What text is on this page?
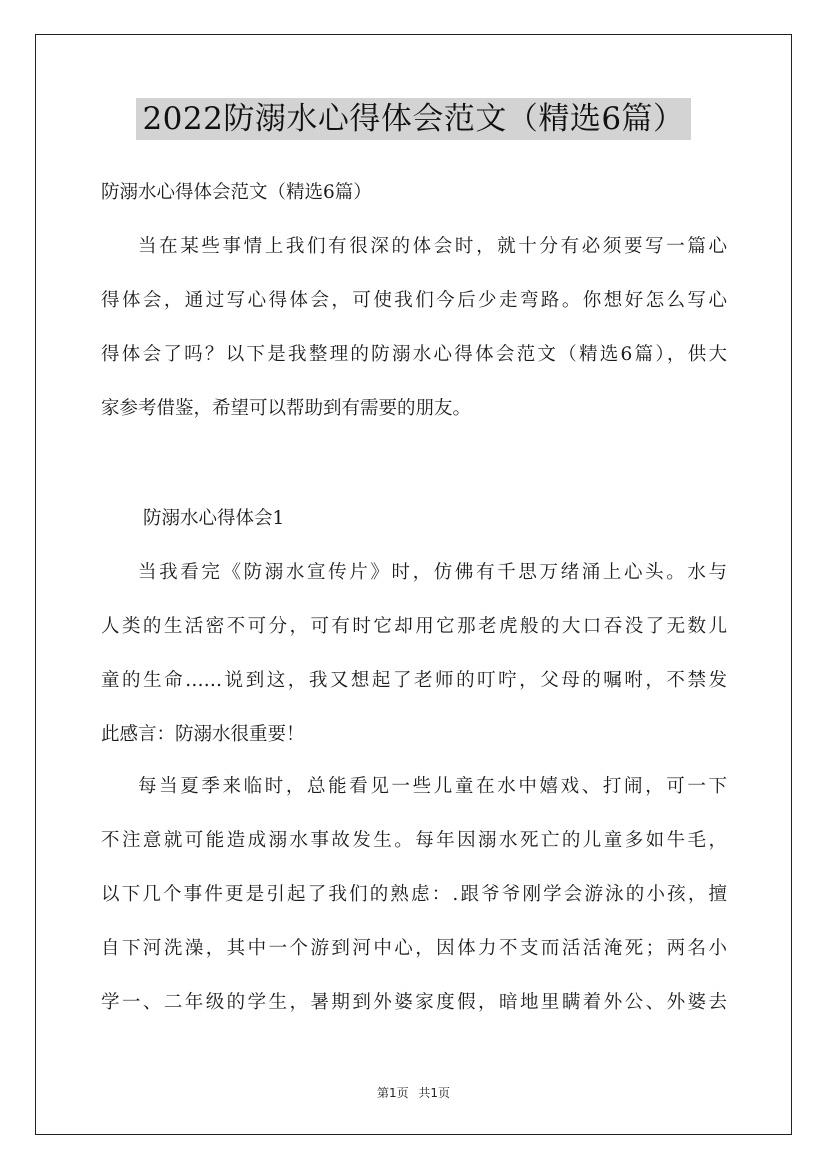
2022防溺水心得体会范文（精选6篇）
防溺水心得体会范文（精选6篇）
当在某些事情上我们有很深的体会时，就十分有必须要写一篇心
得体会，通过写心得体会，可使我们今后少走弯路。你想好怎么写心
得体会了吗？以下是我整理的防溺水心得体会范文（精选6篇），供大
家参考借鉴，希望可以帮助到有需要的朋友。
防溺水心得体会1
当我看完《防溺水宣传片》时，仿佛有千思万绪涌上心头。水与
人类的生活密不可分，可有时它却用它那老虎般的大口吞没了无数儿
童的生命……说到这，我又想起了老师的叮咛，父母的嘱咐，不禁发
此感言：防溺水很重要！
每当夏季来临时，总能看见一些儿童在水中嬉戏、打闹，可一下
不注意就可能造成溺水事故发生。每年因溺水死亡的儿童多如牛毛，
以下几个事件更是引起了我们的熟虑：.跟爷爷刚学会游泳的小孩，擅
自下河洗澡，其中一个游到河中心，因体力不支而活活淹死；两名小
学一、二年级的学生，暑期到外婆家度假，暗地里瞒着外公、外婆去
第1页 共1页
